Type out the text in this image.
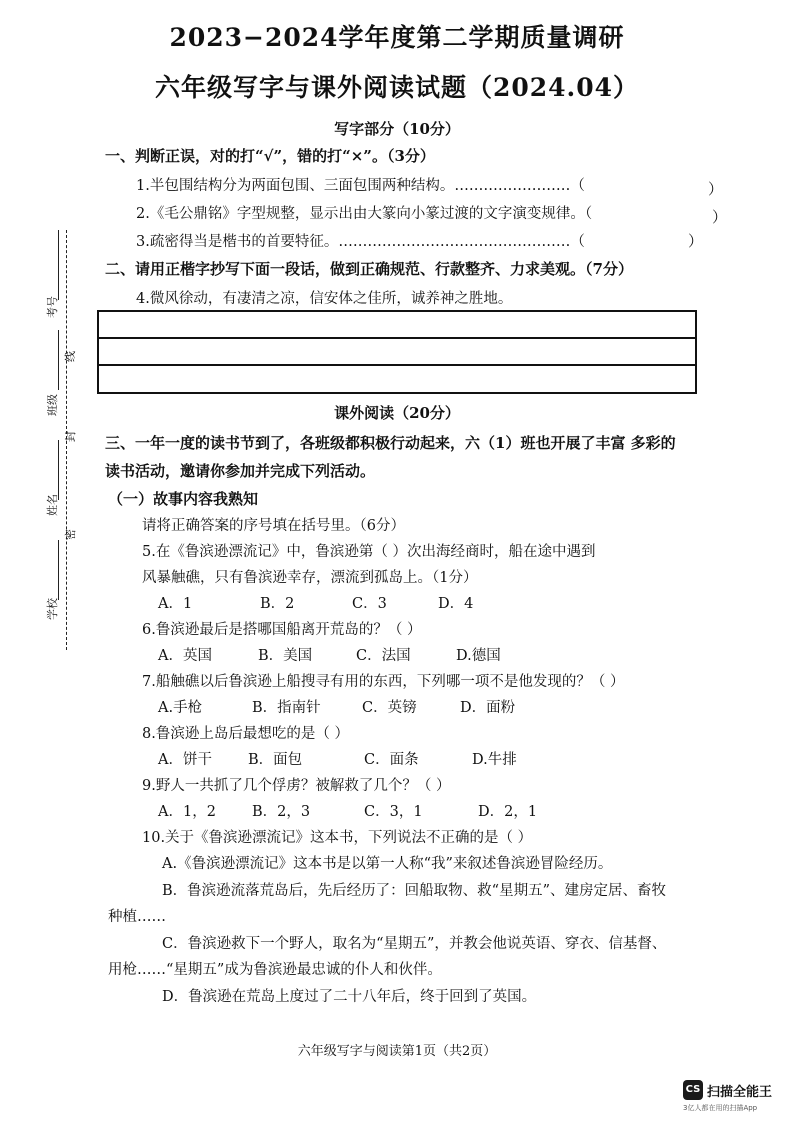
2023−2024学年度第二学期质量调研
六年级写字与课外阅读试题（2024.04）
写字部分（10分）
一、判断正误，对的打“√”，错的打“×”。（3分）
1.半包围结构分为两面包围、三面包围两种结构。……………………（	）
2.《毛公鼎铭》字型规整，显示出由大篆向小篆过渡的文字演变规律。（	）
3.疏密得当是楷书的首要特征。…………………………………………（	）
二、请用正楷字抄写下面一段话，做到正确规范、行款整齐、力求美观。（7分）
4.微风徐动，有凄清之凉，信安体之佳所，诚养神之胜地。
课外阅读（20分）
三、一年一度的读书节到了，各班级都积极行动起来，六（1）班也开展了丰富 多彩的
读书活动，邀请你参加并完成下列活动。
（一）故事内容我熟知
请将正确答案的序号填在括号里。（6分）
5.在《鲁滨逊漂流记》中，鲁滨逊第（ ）次出海经商时，船在途中遇到
风暴触礁，只有鲁滨逊幸存，漂流到孤岛上。（1分）
A．1	B．2	C．3	D．4
6.鲁滨逊最后是搭哪国船离开荒岛的？（ ）
A．英国	B．美国	C．法国	D.德国
7.船触礁以后鲁滨逊上船搜寻有用的东西，下列哪一项不是他发现的？（ ）
A.手枪	B．指南针	C．英镑	D．面粉
8.鲁滨逊上岛后最想吃的是（ ）
A．饼干 B．面包	C．面条	D.牛排
9.野人一共抓了几个俘虏？被解救了几个？（ ）
A．1，2 B．2，3	C．3，1	D．2，1
10.关于《鲁滨逊漂流记》这本书，下列说法不正确的是（ ）
A.《鲁滨逊漂流记》这本书是以第一人称“我”来叙述鲁滨逊冒险经历。
B．鲁滨逊流落荒岛后，先后经历了：回船取物、救“星期五”、建房定居、畜牧
种植……
C．鲁滨逊救下一个野人，取名为“星期五”，并教会他说英语、穿衣、信基督、
用枪……“星期五”成为鲁滨逊最忠诚的仆人和伙伴。
D．鲁滨逊在荒岛上度过了二十八年后，终于回到了英国。
考号
班级
姓名
学校
线
封
密
六年级写字与阅读第1页（共2页）
CS 扫描全能王
3亿人都在用的扫描App
